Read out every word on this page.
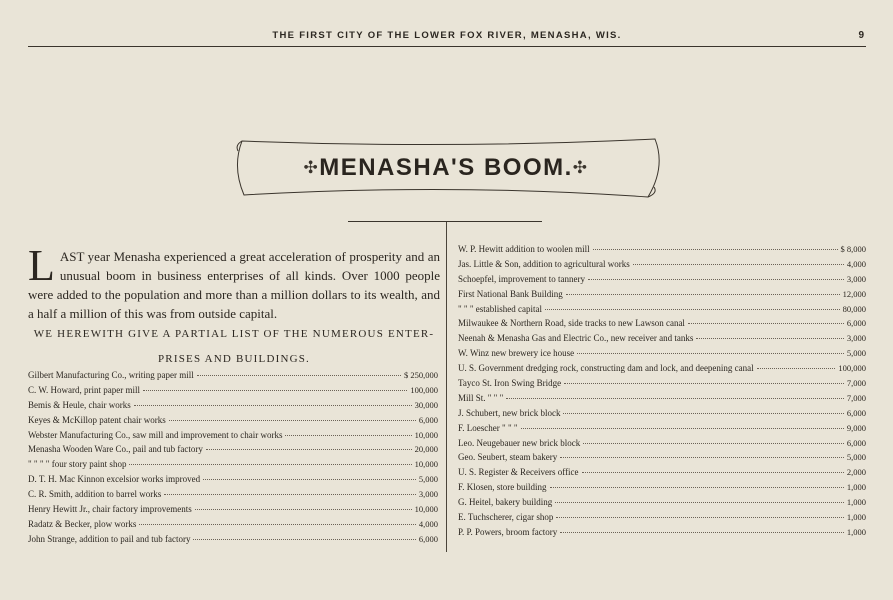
THE FIRST CITY OF THE LOWER FOX RIVER, MENASHA, WIS.	9
✣MENASHA'S BOOM.✣
LAST year Menasha experienced a great acceleration of prosperity and an unusual boom in business enterprises of all kinds. Over 1000 people were added to the population and more than a million dollars to its wealth, and a half a million of this was from outside capital.
WE HEREWITH GIVE A PARTIAL LIST OF THE NUMEROUS ENTER-
PRISES AND BUILDINGS.
Gilbert Manufacturing Co., writing paper mill	$ 250,000
C. W. Howard, print paper mill	100,000
Bemis & Heule, chair works	30,000
Keyes & McKillop patent chair works	6,000
Webster Manufacturing Co., saw mill and improvement to chair works	10,000
Menasha Wooden Ware Co., pail and tub factory	20,000
" " " " four story paint shop	10,000
D. T. H. Mac Kinnon excelsior works improved	5,000
C. R. Smith, addition to barrel works	3,000
Henry Hewitt Jr., chair factory improvements	10,000
Radatz & Becker, plow works	4,000
John Strange, addition to pail and tub factory	6,000
W. P. Hewitt addition to woolen mill	$ 8,000
Jas. Little & Son, addition to agricultural works	4,000
Schoepfel, improvement to tannery	3,000
First National Bank Building	12,000
" " " established capital	80,000
Milwaukee & Northern Road, side tracks to new Lawson canal	6,000
Neenah & Menasha Gas and Electric Co., new receiver and tanks	3,000
W. Winz new brewery ice house	5,000
U. S. Government dredging rock, constructing dam and lock, and deepening canal	100,000
Tayco St. Iron Swing Bridge	7,000
Mill St. " " "	7,000
J. Schubert, new brick block	6,000
F. Loescher " " "	9,000
Leo. Neugebauer new brick block	6,000
Geo. Seubert, steam bakery	5,000
U. S. Register & Receivers office	2,000
F. Klosen, store building	1,000
G. Heitel, bakery building	1,000
E. Tuchscherer, cigar shop	1,000
P. P. Powers, broom factory	1,000
